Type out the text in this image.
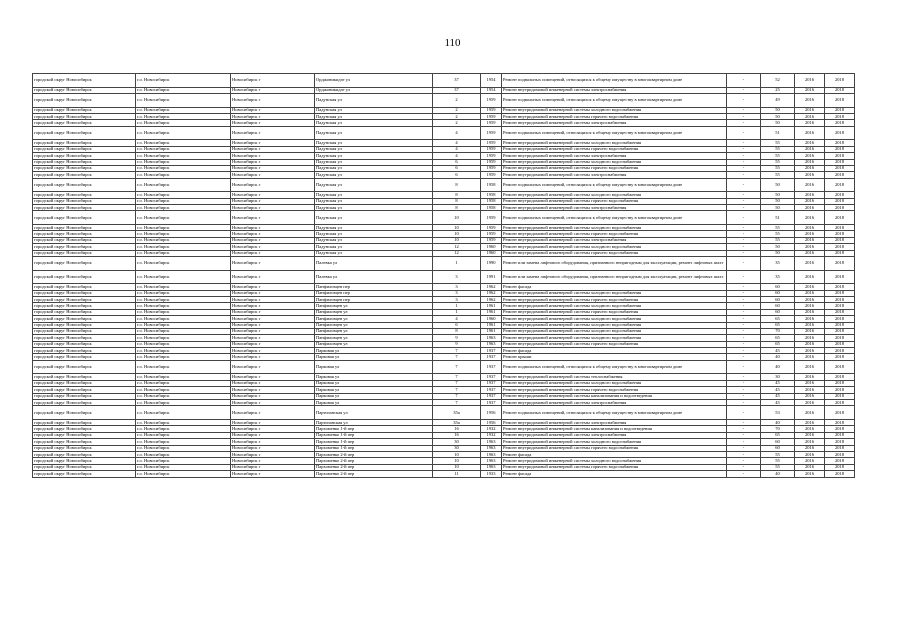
110
городской округ Новосибирск	г.о. Новосибирск	Новосибирск г	Орджоникидзе ул	37	1954	Ремонт подвальных помещений, относящихся к общему имуществу в многоквартирном доме	-	52	2016	2018
городской округ Новосибирск	г.о. Новосибирск	Новосибирск г	Орджоникидзе ул	37	1954	Ремонт внутридомовой инженерной системы электроснабжения	-	25	2016	2018
городской округ Новосибирск	г.о. Новосибирск	Новосибирск г	Падунская ул	2	1959	Ремонт подвальных помещений, относящихся к общему имуществу в многоквартирном доме	-	49	2016	2018
городской округ Новосибирск	г.о. Новосибирск	Новосибирск г	Падунская ул	2	1959	Ремонт внутридомовой инженерной системы холодного водоснабжения	-	50	2016	2018
городской округ Новосибирск	г.о. Новосибирск	Новосибирск г	Падунская ул	2	1959	Ремонт внутридомовой инженерной системы горячего водоснабжения	-	50	2016	2018
городской округ Новосибирск	г.о. Новосибирск	Новосибирск г	Падунская ул	2	1959	Ремонт внутридомовой инженерной системы электроснабжения	-	50	2016	2018
городской округ Новосибирск	г.о. Новосибирск	Новосибирск г	Падунская ул	4	1959	Ремонт подвальных помещений, относящихся к общему имуществу в многоквартирном доме	-	51	2016	2018
городской округ Новосибирск	г.о. Новосибирск	Новосибирск г	Падунская ул	4	1959	Ремонт внутридомовой инженерной системы холодного водоснабжения	-	55	2016	2018
городской округ Новосибирск	г.о. Новосибирск	Новосибирск г	Падунская ул	4	1959	Ремонт внутридомовой инженерной системы горячего водоснабжения	-	55	2016	2018
городской округ Новосибирск	г.о. Новосибирск	Новосибирск г	Падунская ул	4	1959	Ремонт внутридомовой инженерной системы электроснабжения	-	55	2016	2018
городской округ Новосибирск	г.о. Новосибирск	Новосибирск г	Падунская ул	6	1959	Ремонт внутридомовой инженерной системы холодного водоснабжения	-	55	2016	2018
городской округ Новосибирск	г.о. Новосибирск	Новосибирск г	Падунская ул	6	1959	Ремонт внутридомовой инженерной системы горячего водоснабжения	-	55	2016	2018
городской округ Новосибирск	г.о. Новосибирск	Новосибирск г	Падунская ул	6	1959	Ремонт внутридомовой инженерной системы электроснабжения	-	55	2016	2018
городской округ Новосибирск	г.о. Новосибирск	Новосибирск г	Падунская ул	8	1958	Ремонт подвальных помещений, относящихся к общему имуществу в многоквартирном доме	-	50	2016	2018
городской округ Новосибирск	г.о. Новосибирск	Новосибирск г	Падунская ул	8	1958	Ремонт внутридомовой инженерной системы холодного водоснабжения	-	50	2016	2018
городской округ Новосибирск	г.о. Новосибирск	Новосибирск г	Падунская ул	8	1958	Ремонт внутридомовой инженерной системы горячего водоснабжения	-	50	2016	2018
городской округ Новосибирск	г.о. Новосибирск	Новосибирск г	Падунская ул	8	1958	Ремонт внутридомовой инженерной системы электроснабжения	-	50	2016	2018
городской округ Новосибирск	г.о. Новосибирск	Новосибирск г	Падунская ул	10	1959	Ремонт подвальных помещений, относящихся к общему имуществу в многоквартирном доме	-	51	2016	2018
городской округ Новосибирск	г.о. Новосибирск	Новосибирск г	Падунская ул	10	1959	Ремонт внутридомовой инженерной системы холодного водоснабжения	-	55	2016	2018
городской округ Новосибирск	г.о. Новосибирск	Новосибирск г	Падунская ул	10	1959	Ремонт внутридомовой инженерной системы горячего водоснабжения	-	55	2016	2018
городской округ Новосибирск	г.о. Новосибирск	Новосибирск г	Падунская ул	10	1959	Ремонт внутридомовой инженерной системы электроснабжения	-	55	2016	2018
городской округ Новосибирск	г.о. Новосибирск	Новосибирск г	Падунская ул	12	1960	Ремонт внутридомовой инженерной системы холодного водоснабжения	-	50	2016	2018
городской округ Новосибирск	г.о. Новосибирск	Новосибирск г	Падунская ул	12	1960	Ремонт внутридомовой инженерной системы горячего водоснабжения	-	50	2016	2018
городской округ Новосибирск	г.о. Новосибирск	Новосибирск г	Палевка ул	1	1990	Ремонт или замена лифтового оборудования, признанного непригодным для эксплуатации, ремонт лифтовых шахт	-	35	2016	2018
городской округ Новосибирск	г.о. Новосибирск	Новосибирск г	Палевка ул	3	1991	Ремонт или замена лифтового оборудования, признанного непригодным для эксплуатации, ремонт лифтовых шахт	-	35	2016	2018
городской округ Новосибирск	г.о. Новосибирск	Новосибирск г	Панфиловцев пер	3	1962	Ремонт фасада	-	60	2016	2018
городской округ Новосибирск	г.о. Новосибирск	Новосибирск г	Панфиловцев пер	3	1962	Ремонт внутридомовой инженерной системы холодного водоснабжения	-	60	2016	2018
городской округ Новосибирск	г.о. Новосибирск	Новосибирск г	Панфиловцев пер	3	1962	Ремонт внутридомовой инженерной системы горячего водоснабжения	-	60	2016	2018
городской округ Новосибирск	г.о. Новосибирск	Новосибирск г	Панфиловцев ул	1	1961	Ремонт внутридомовой инженерной системы холодного водоснабжения	-	60	2016	2018
городской округ Новосибирск	г.о. Новосибирск	Новосибирск г	Панфиловцев ул	1	1961	Ремонт внутридомовой инженерной системы горячего водоснабжения	-	60	2016	2018
городской округ Новосибирск	г.о. Новосибирск	Новосибирск г	Панфиловцев ул	4	1960	Ремонт внутридомовой инженерной системы холодного водоснабжения	-	65	2016	2018
городской округ Новосибирск	г.о. Новосибирск	Новосибирск г	Панфиловцев ул	6	1961	Ремонт внутридомовой инженерной системы холодного водоснабжения	-	65	2016	2018
городской округ Новосибирск	г.о. Новосибирск	Новосибирск г	Панфиловцев ул	8	1961	Ремонт внутридомовой инженерной системы холодного водоснабжения	-	70	2016	2018
городской округ Новосибирск	г.о. Новосибирск	Новосибирск г	Панфиловцев ул	9	1963	Ремонт внутридомовой инженерной системы холодного водоснабжения	-	65	2016	2018
городской округ Новосибирск	г.о. Новосибирск	Новосибирск г	Панфиловцев ул	9	1963	Ремонт внутридомовой инженерной системы горячего водоснабжения	-	65	2016	2018
городской округ Новосибирск	г.о. Новосибирск	Новосибирск г	Парковая ул	7	1937	Ремонт фасада	-	45	2016	2018
городской округ Новосибирск	г.о. Новосибирск	Новосибирск г	Парковая ул	7	1937	Ремонт крыши	-	40	2016	2018
городской округ Новосибирск	г.о. Новосибирск	Новосибирск г	Парковая ул	7	1937	Ремонт подвальных помещений, относящихся к общему имуществу в многоквартирном доме	-	40	2016	2018
городской округ Новосибирск	г.о. Новосибирск	Новосибирск г	Парковая ул	7	1937	Ремонт внутридомовой инженерной системы теплоснабжения	-	30	2016	2018
городской округ Новосибирск	г.о. Новосибирск	Новосибирск г	Парковая ул	7	1937	Ремонт внутридомовой инженерной системы холодного водоснабжения	-	45	2016	2018
городской округ Новосибирск	г.о. Новосибирск	Новосибирск г	Парковая ул	7	1937	Ремонт внутридомовой инженерной системы горячего водоснабжения	-	45	2016	2018
городской округ Новосибирск	г.о. Новосибирск	Новосибирск г	Парковая ул	7	1937	Ремонт внутридомовой инженерной системы канализования и водоотведения	-	45	2016	2018
городской округ Новосибирск	г.о. Новосибирск	Новосибирск г	Парковая ул	7	1937	Ремонт внутридомовой инженерной системы электроснабжения	-	45	2016	2018
городской округ Новосибирск	г.о. Новосибирск	Новосибирск г	Партизанская ул	35а	1956	Ремонт подвальных помещений, относящихся к общему имуществу в многоквартирном доме	-	53	2016	2018
городской округ Новосибирск	г.о. Новосибирск	Новосибирск г	Партизанская ул	35а	1956	Ремонт внутридомовой инженерной системы электроснабжения	-	40	2016	2018
городской округ Новосибирск	г.о. Новосибирск	Новосибирск г	Пархоменко 1-й пер	16	1932	Ремонт внутридомовой инженерной системы канализования и водоотведения	-	70	2016	2018
городской округ Новосибирск	г.о. Новосибирск	Новосибирск г	Пархоменко 1-й пер	16	1932	Ремонт внутридомовой инженерной системы электроснабжения	-	65	2016	2018
городской округ Новосибирск	г.о. Новосибирск	Новосибирск г	Пархоменко 1-й пер	30	1963	Ремонт внутридомовой инженерной системы холодного водоснабжения	-	60	2016	2018
городской округ Новосибирск	г.о. Новосибирск	Новосибирск г	Пархоменко 1-й пер	30	1963	Ремонт внутридомовой инженерной системы горячего водоснабжения	-	60	2016	2018
городской округ Новосибирск	г.о. Новосибирск	Новосибирск г	Пархоменко 2-й пер	10	1963	Ремонт фасада	-	55	2016	2018
городской округ Новосибирск	г.о. Новосибирск	Новосибирск г	Пархоменко 2-й пер	10	1963	Ремонт внутридомовой инженерной системы холодного водоснабжения	-	55	2016	2018
городской округ Новосибирск	г.о. Новосибирск	Новосибирск г	Пархоменко 2-й пер	10	1963	Ремонт внутридомовой инженерной системы горячего водоснабжения	-	55	2016	2018
городской округ Новосибирск	г.о. Новосибирск	Новосибирск г	Пархоменко 2-й пер	11	1933	Ремонт фасада	-	40	2016	2018
